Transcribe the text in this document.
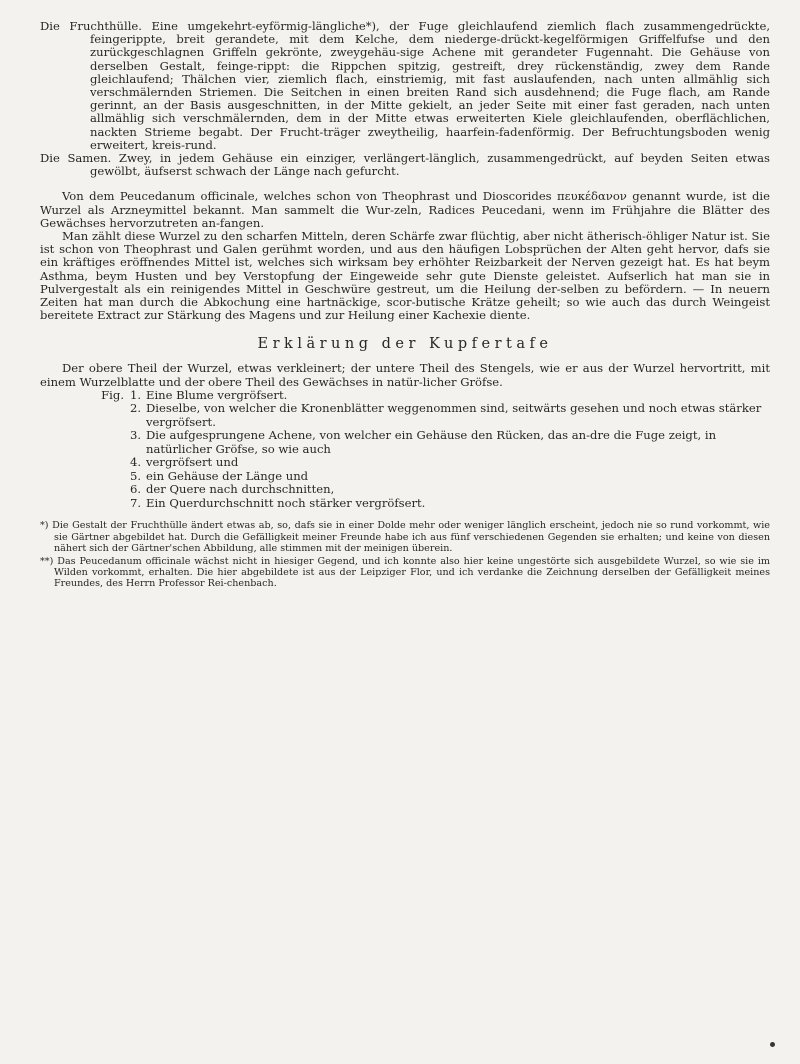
Die Fruchthülle. Eine umgekehrt-eyförmig-längliche*), der Fuge gleichlaufend ziemlich flach zusammengedrückte, feingerippte, breit gerandete, mit dem Kelche, dem niederge-drückt-kegelförmigen Griffelfufse und den zurückgeschlagnen Griffeln gekrönte, zweygehäu-sige Achene mit gerandeter Fugennaht. Die Gehäuse von derselben Gestalt, feinge-rippt: die Rippchen spitzig, gestreift, drey rückenständig, zwey dem Rande gleichlaufend; Thälchen vier, ziemlich flach, einstriemig, mit fast auslaufenden, nach unten allmählig sich verschmälernden Striemen. Die Seitchen in einen breiten Rand sich ausdehnend; die Fuge flach, am Rande gerinnt, an der Basis ausgeschnitten, in der Mitte gekielt, an jeder Seite mit einer fast geraden, nach unten allmählig sich verschmälernden, dem in der Mitte etwas erweiterten Kiele gleichlaufenden, oberflächlichen, nackten Strieme begabt. Der Frucht-träger zweytheilig, haarfein-fadenförmig. Der Befruchtungsboden wenig erweitert, kreis-rund.

Die Samen. Zwey, in jedem Gehäuse ein einziger, verlängert-länglich, zusammengedrückt, auf beyden Seiten etwas gewölbt, äufserst schwach der Länge nach gefurcht.

Von dem Peucedanum officinale, welches schon von Theophrast und Dioscorides πευκέδανον genannt wurde, ist die Wurzel als Arzneymittel bekannt. Man sammelt die Wur-zeln, Radices Peucedani, wenn im Frühjahre die Blätter des Gewächses hervorzutreten an-fangen.

Man zählt diese Wurzel zu den scharfen Mitteln, deren Schärfe zwar flüchtig, aber nicht ätherisch-öhliger Natur ist. Sie ist schon von Theophrast und Galen gerühmt worden, und aus den häufigen Lobsprüchen der Alten geht hervor, dafs sie ein kräftiges eröffnendes Mittel ist, welches sich wirksam bey erhöhter Reizbarkeit der Nerven gezeigt hat. Es hat beym Asthma, beym Husten und bey Verstopfung der Eingeweide sehr gute Dienste geleistet. Aufserlich hat man sie in Pulvergestalt als ein reinigendes Mittel in Geschwüre gestreut, um die Heilung der-selben zu befördern. — In neuern Zeiten hat man durch die Abkochung eine hartnäckige, scor-butische Krätze geheilt; so wie auch das durch Weingeist bereitete Extract zur Stärkung des Magens und zur Heilung einer Kachexie diente.

Erklärung der Kupfertafe

Der obere Theil der Wurzel, etwas verkleinert; der untere Theil des Stengels, wie er aus der Wurzel hervortritt, mit einem Wurzelblatte und der obere Theil des Gewächses in natür-licher Gröfse.

Fig. 1. Eine Blume vergröfsert.
2. Dieselbe, von welcher die Kronenblätter weggenommen sind, seitwärts gesehen und noch etwas stärker vergröfsert.
3. Die aufgesprungene Achene, von welcher ein Gehäuse den Rücken, das an-dre die Fuge zeigt, in natürlicher Gröfse, so wie auch
4. vergröfsert und
5. ein Gehäuse der Länge und
6. der Quere nach durchschnitten,
7. Ein Querdurchschnitt noch stärker vergröfsert.

*) Die Gestalt der Fruchthülle ändert etwas ab, so, dafs sie in einer Dolde mehr oder weniger länglich erscheint, jedoch nie so rund vorkommt, wie sie Gärtner abgebildet hat. Durch die Gefälligkeit meiner Freunde habe ich aus fünf verschiedenen Gegenden sie erhalten; und keine von diesen nähert sich der Gärtner'schen Abbildung, alle stimmen mit der meinigen überein.

**) Das Peucedanum officinale wächst nicht in hiesiger Gegend, und ich konnte also hier keine ungestörte sich ausgebildete Wurzel, so wie sie im Wilden vorkommt, erhalten. Die hier abgebildete ist aus der Leipziger Flor, und ich verdanke die Zeichnung derselben der Gefälligkeit meines Freundes, des Herrn Professor Rei-chenbach.
